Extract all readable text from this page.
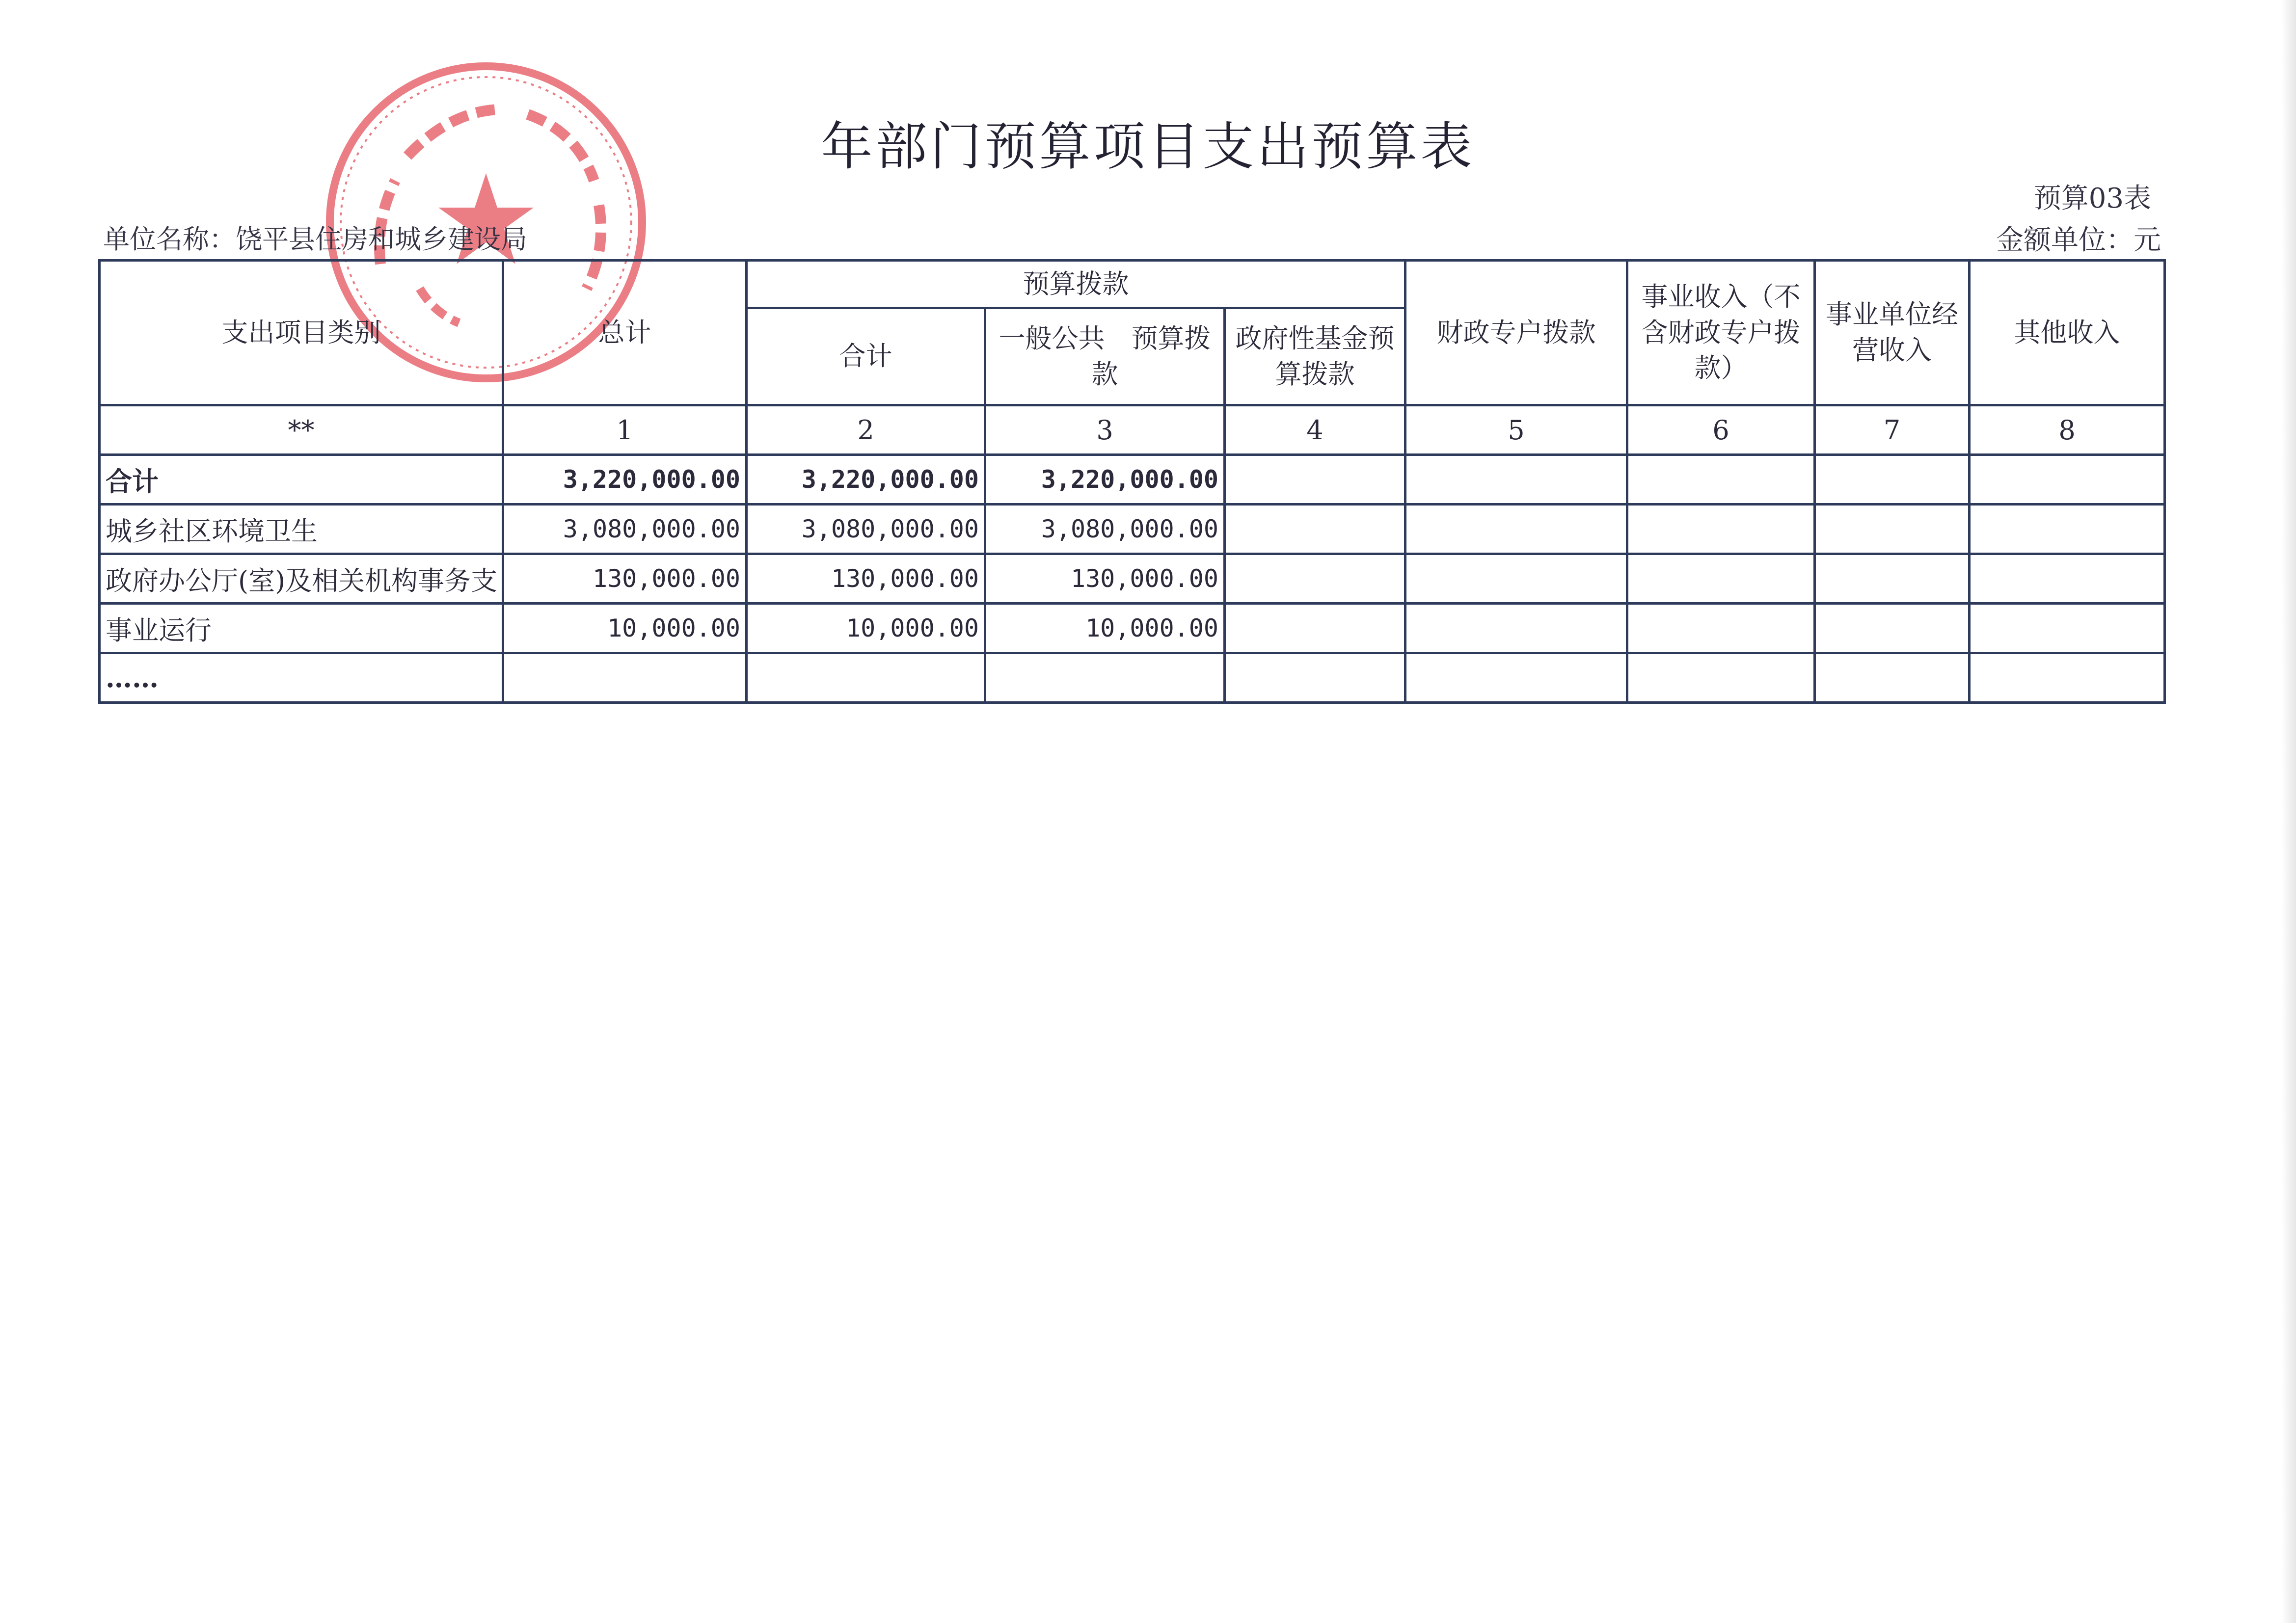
年部门预算项目支出预算表
预算03表
单位名称：饶平县住房和城乡建设局	金额单位：元
支出项目类别	总计	预算拨款			财政专户拨款	事业收入（不含财政专户拨款）	事业单位经营收入	其他收入
		合计	一般公共　预算拨款	政府性基金预算拨款				
**	1	2	3	4	5	6	7	8
合计	3,220,000.00	3,220,000.00	3,220,000.00					
城乡社区环境卫生	3,080,000.00	3,080,000.00	3,080,000.00					
政府办公厅(室)及相关机构事务支	130,000.00	130,000.00	130,000.00					
事业运行	10,000.00	10,000.00	10,000.00					
……								
